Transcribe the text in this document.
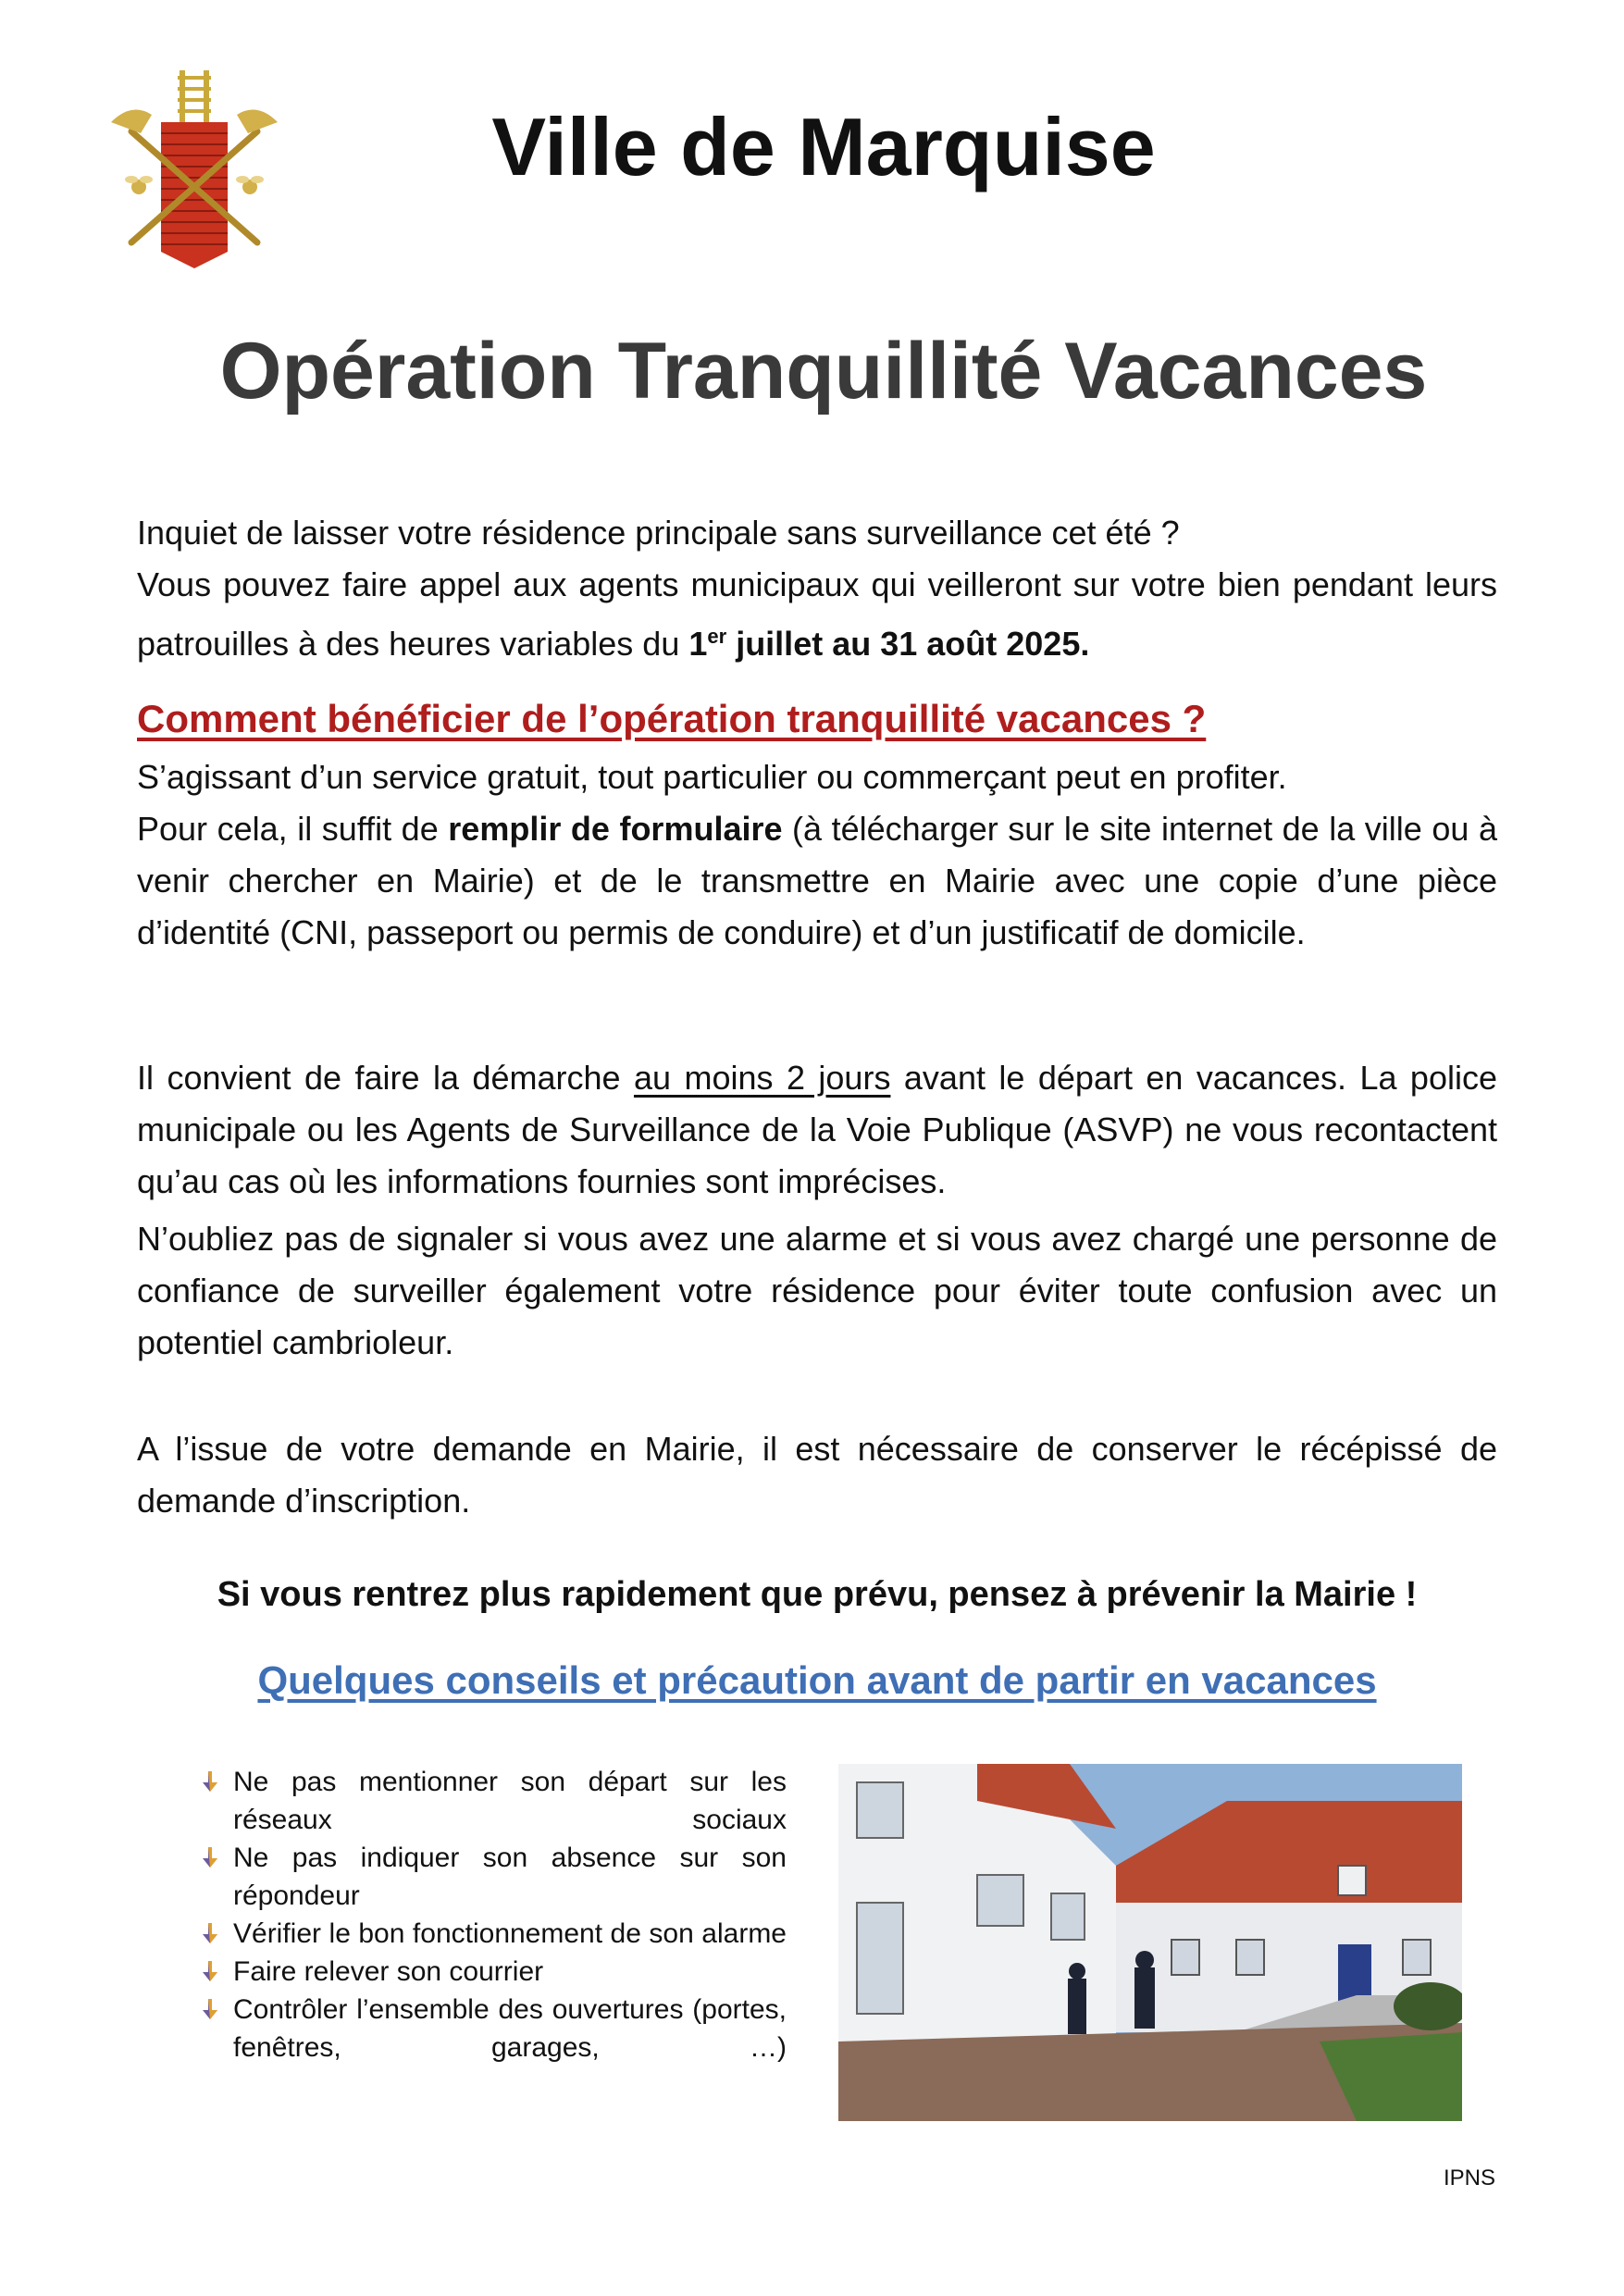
Ville de Marquise
Opération Tranquillité Vacances

Inquiet de laisser votre résidence principale sans surveillance cet été ?

Vous pouvez faire appel aux agents municipaux qui veilleront sur votre bien pendant leurs patrouilles à des heures variables du 1er juillet au 31 août 2025.

Comment bénéficier de l’opération tranquillité vacances ?

S’agissant d’un service gratuit, tout particulier ou commerçant peut en profiter.

Pour cela, il suffit de remplir de formulaire (à télécharger sur le site internet de la ville ou à venir chercher en Mairie) et de le transmettre en Mairie avec une copie d’une pièce d’identité (CNI, passeport ou permis de conduire) et d’un justificatif de domicile.

Il convient de faire la démarche au moins 2 jours avant le départ en vacances. La police municipale ou les Agents de Surveillance de la Voie Publique (ASVP) ne vous recontactent qu’au cas où les informations fournies sont imprécises.

N’oubliez pas de signaler si vous avez une alarme et si vous avez chargé une personne de confiance de surveiller également votre résidence pour éviter toute confusion avec un potentiel cambrioleur.

A l’issue de votre demande en Mairie, il est nécessaire de conserver le récépissé de demande d’inscription.

Si vous rentrez plus rapidement que prévu, pensez à prévenir la Mairie !
Quelques conseils et précaution avant de partir en vacances
Ne pas mentionner son départ sur les réseaux sociaux
Ne pas indiquer son absence sur son répondeur
Vérifier le bon fonctionnement de son alarme
Faire relever son courrier
Contrôler l’ensemble des ouvertures (portes, fenêtres, garages, …)
IPNS
